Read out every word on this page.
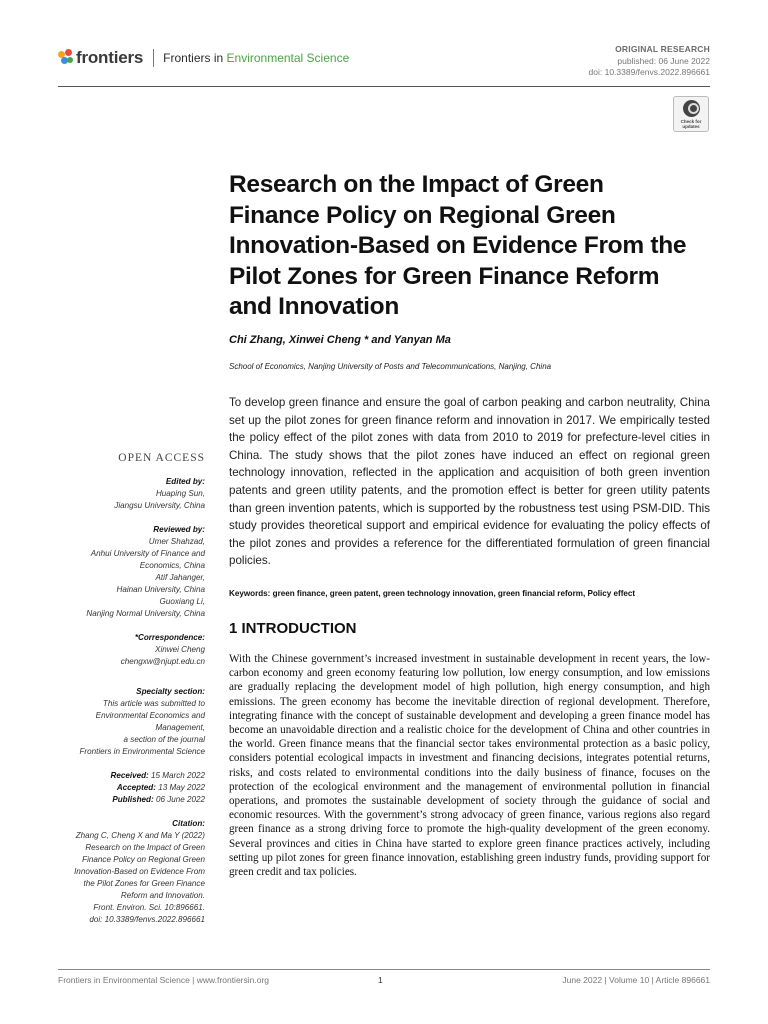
frontiers Frontiers in Environmental Science
ORIGINAL RESEARCH
published: 06 June 2022
doi: 10.3389/fenvs.2022.896661
Check for updates
Research on the Impact of Green Finance Policy on Regional Green Innovation-Based on Evidence From the Pilot Zones for Green Finance Reform and Innovation
Chi Zhang, Xinwei Cheng * and Yanyan Ma
School of Economics, Nanjing University of Posts and Telecommunications, Nanjing, China

To develop green finance and ensure the goal of carbon peaking and carbon neutrality, China set up the pilot zones for green finance reform and innovation in 2017. We empirically tested the policy effect of the pilot zones with data from 2010 to 2019 for prefecture-level cities in China. The study shows that the pilot zones have induced an effect on regional green technology innovation, reflected in the application and acquisition of both green invention patents and green utility patents, and the promotion effect is better for green utility patents than green invention patents, which is supported by the robustness test using PSM-DID. This study provides theoretical support and empirical evidence for evaluating the policy effects of the pilot zones and provides a reference for the differentiated formulation of green financial policies.

Keywords: green finance, green patent, green technology innovation, green financial reform, Policy effect

1 INTRODUCTION

With the Chinese government’s increased investment in sustainable development in recent years, the low-carbon economy and green economy featuring low pollution, low energy consumption, and low emissions are gradually replacing the development model of high pollution, high energy consumption, and high emissions. The green economy has become the inevitable direction of regional development. Therefore, integrating finance with the concept of sustainable development and developing a green finance model has become an unavoidable direction and a realistic choice for the development of China and other countries in the world. Green finance means that the financial sector takes environmental protection as a basic policy, considers potential ecological impacts in investment and financing decisions, integrates potential returns, risks, and costs related to environmental conditions into the daily business of finance, focuses on the protection of the ecological environment and the management of environmental pollution in financial operations, and promotes the sustainable development of society through the guidance of social and economic resources. With the government’s strong advocacy of green finance, various regions also regard green finance as a strong driving force to promote the high-quality development of the green economy. Several provinces and cities in China have started to explore green finance practices actively, including setting up pilot zones for green finance innovation, establishing green industry funds, providing support for green credit and tax policies.

OPEN ACCESS
Edited by:
Huaping Sun,
Jiangsu University, China
Reviewed by:
Umer Shahzad,
Anhui University of Finance and
Economics, China
Atif Jahanger,
Hainan University, China
Guoxiang Li,
Nanjing Normal University, China
*Correspondence:
Xinwei Cheng
chengxw@njupt.edu.cn
Specialty section:
This article was submitted to
Environmental Economics and
Management,
a section of the journal
Frontiers in Environmental Science
Received: 15 March 2022
Accepted: 13 May 2022
Published: 06 June 2022
Citation:
Zhang C, Cheng X and Ma Y (2022)
Research on the Impact of Green
Finance Policy on Regional Green
Innovation-Based on Evidence From
the Pilot Zones for Green Finance
Reform and Innovation.
Front. Environ. Sci. 10:896661.
doi: 10.3389/fenvs.2022.896661
Frontiers in Environmental Science | www.frontiersin.org	1	June 2022 | Volume 10 | Article 896661
